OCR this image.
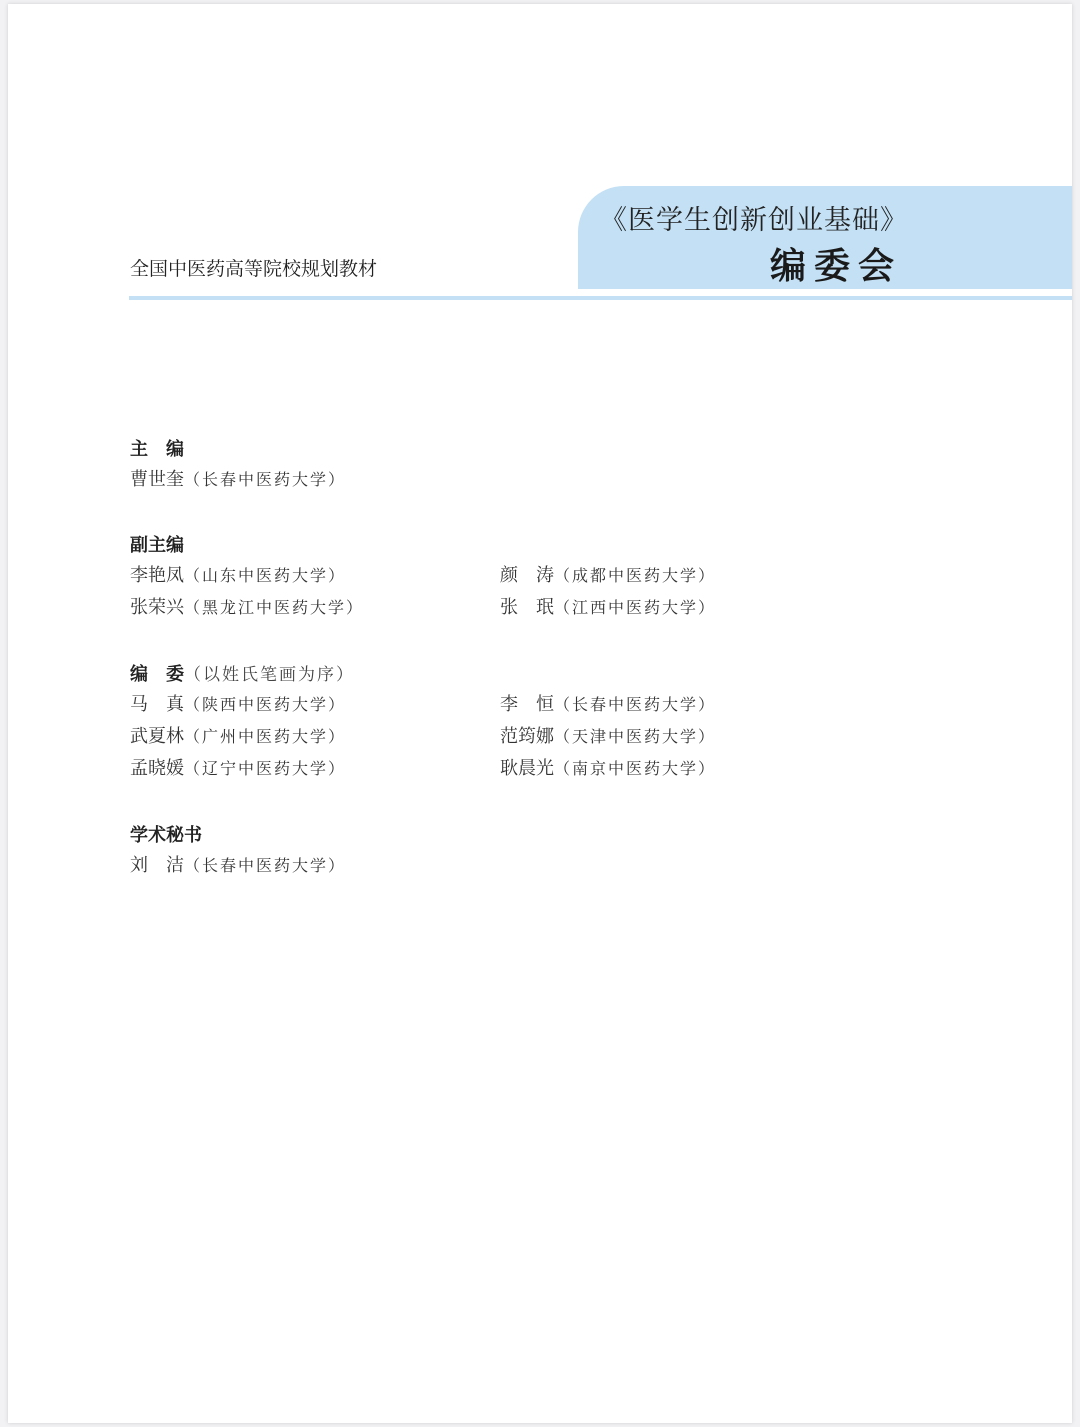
《医学生创新创业基础》
编委会
全国中医药高等院校规划教材
主　编
曹世奎（长春中医药大学）
副主编
李艳凤（山东中医药大学）	颜　涛（成都中医药大学）
张荣兴（黑龙江中医药大学）	张　珉（江西中医药大学）
编　委（以姓氏笔画为序）
马　真（陕西中医药大学）	李　恒（长春中医药大学）
武夏林（广州中医药大学）	范筠娜（天津中医药大学）
孟晓媛（辽宁中医药大学）	耿晨光（南京中医药大学）
学术秘书
刘　洁（长春中医药大学）
